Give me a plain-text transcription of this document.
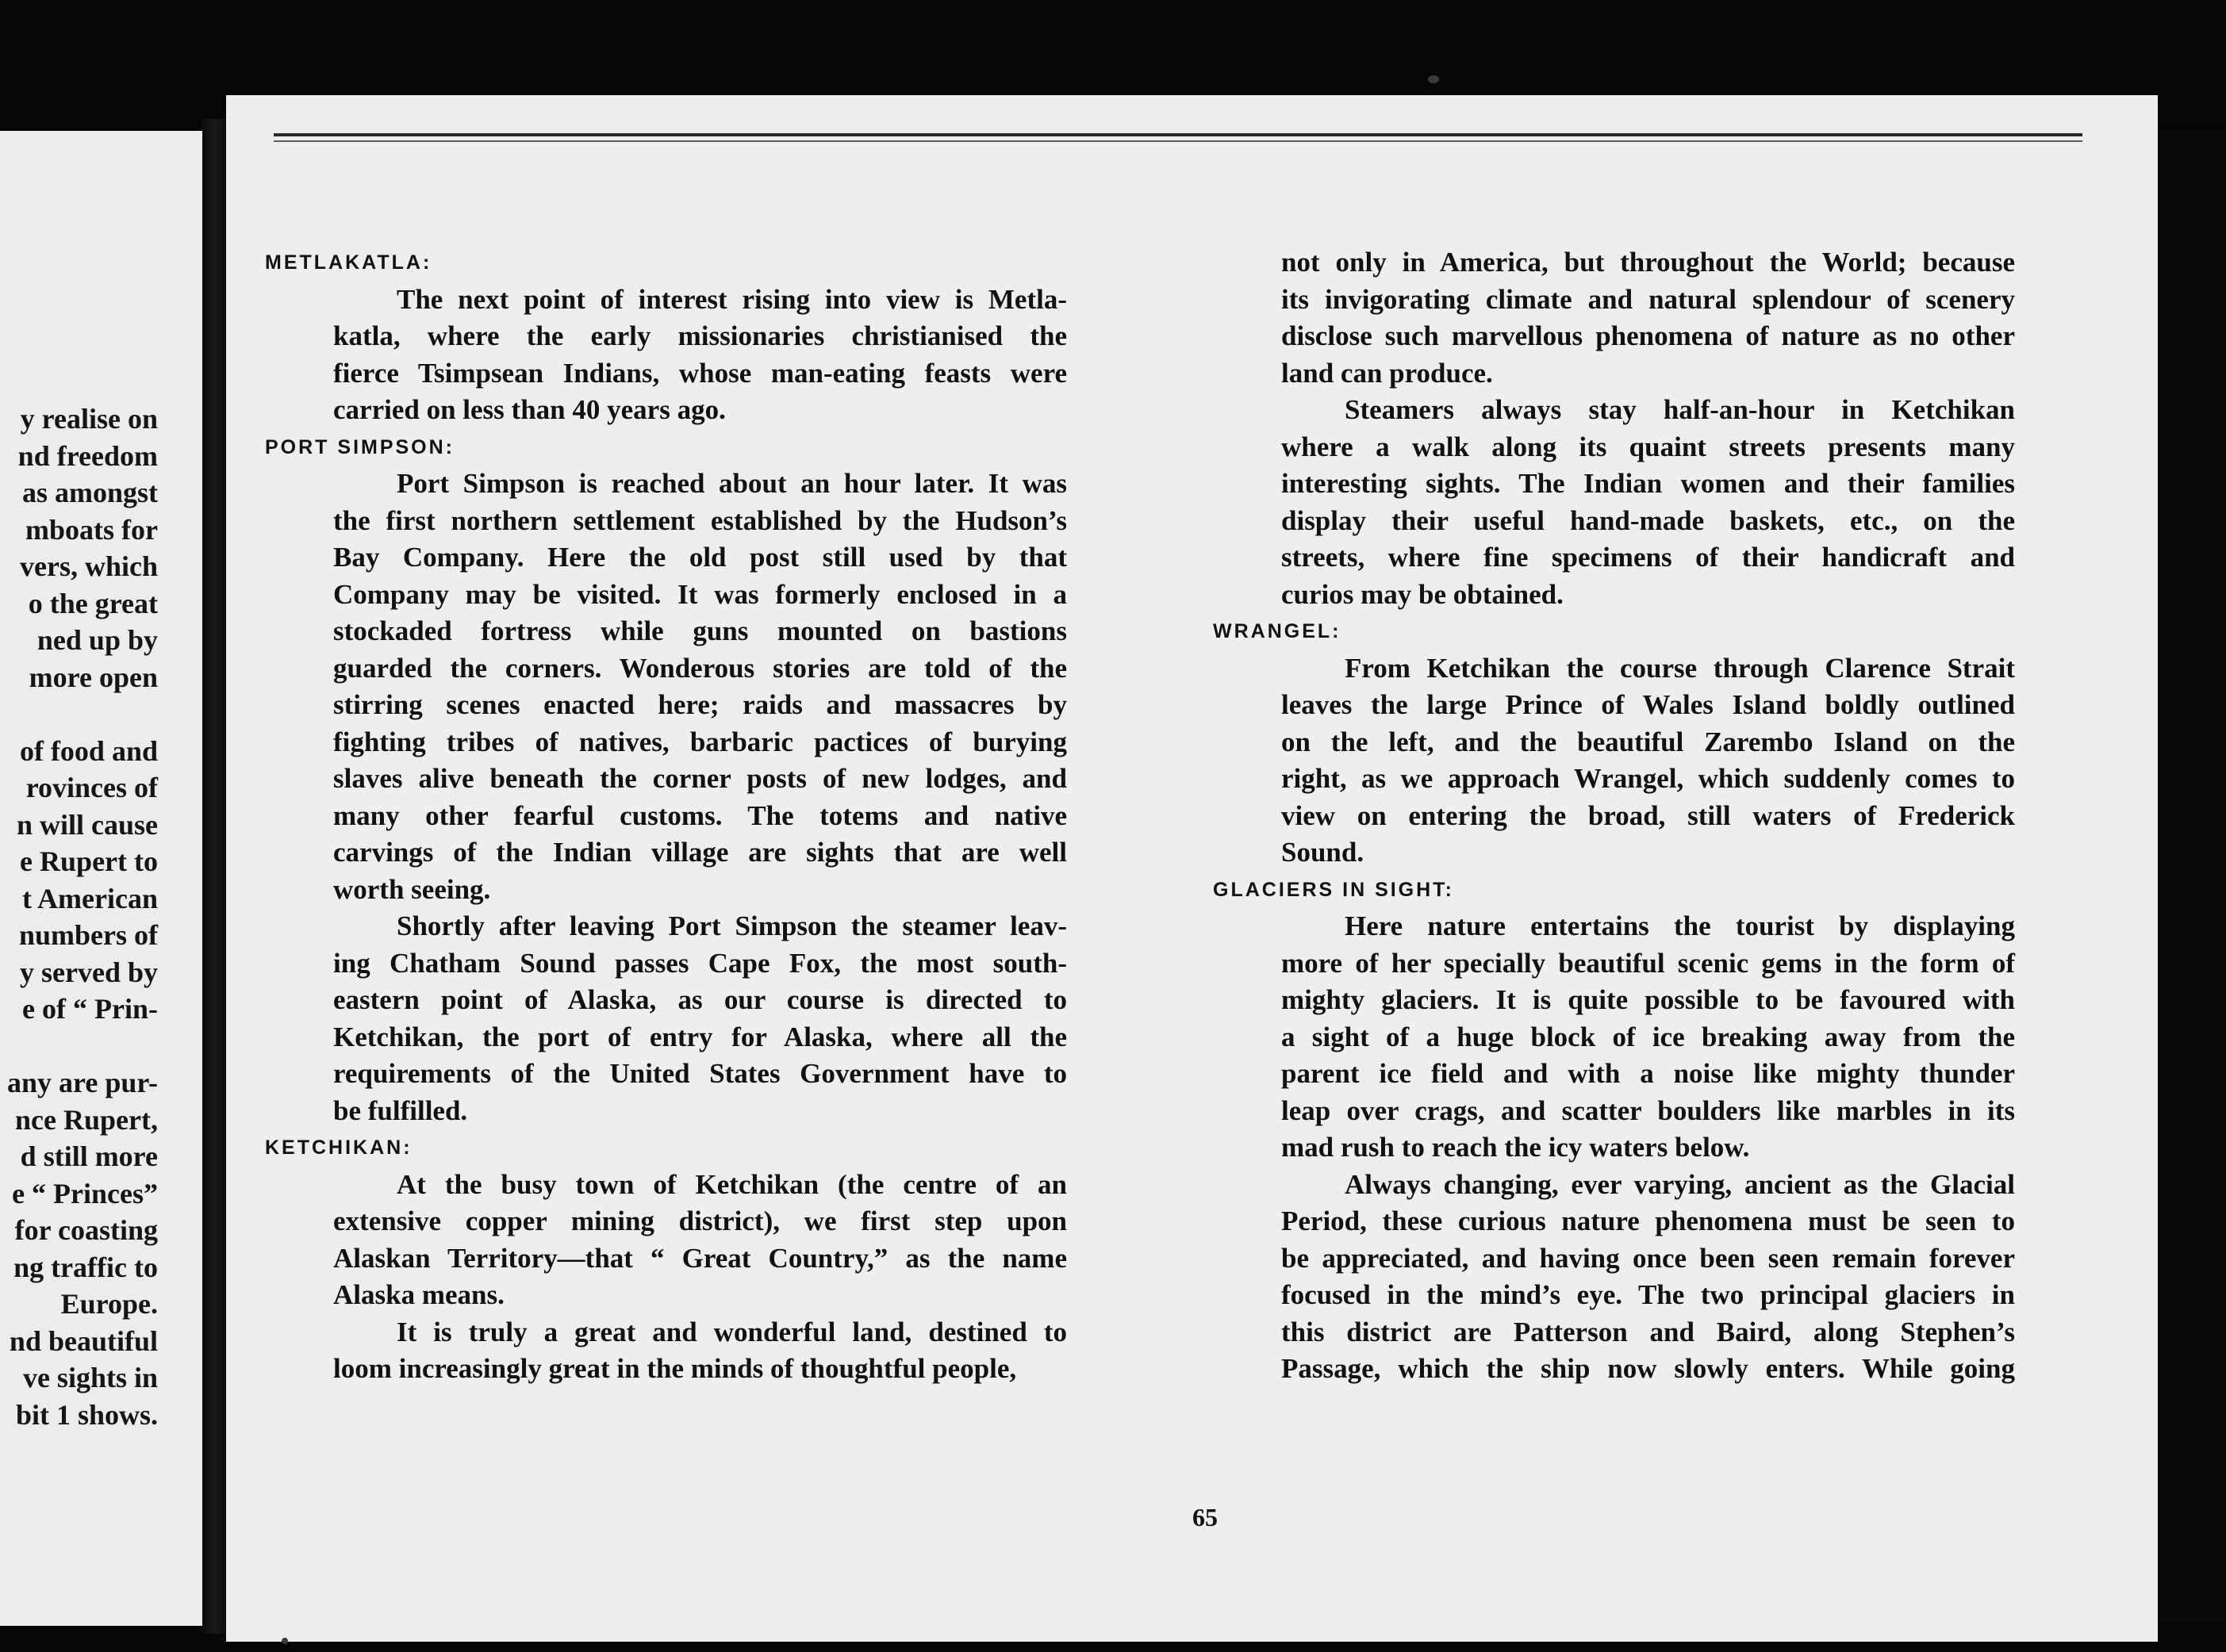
y realise on
nd freedom
as amongst
mboats for
vers, which
o the great
ned up by
more open
of food and
rovinces of
n will cause
e Rupert to
t American
numbers of
y served by
e of “ Prin-
any are pur-
nce Rupert,
d still more
e “ Princes”
for coasting
ng traffic to
Europe.
nd beautiful
ve sights in
bit 1 shows.
METLAKATLA:
The next point of interest rising into view is Metla-
katla, where the early missionaries christianised the
fierce Tsimpsean Indians, whose man-eating feasts were
carried on less than 40 years ago.
PORT SIMPSON:
Port Simpson is reached about an hour later. It was
the first northern settlement established by the Hudson’s
Bay Company. Here the old post still used by that
Company may be visited. It was formerly enclosed in a
stockaded fortress while guns mounted on bastions
guarded the corners. Wonderous stories are told of the
stirring scenes enacted here; raids and massacres by
fighting tribes of natives, barbaric pactices of burying
slaves alive beneath the corner posts of new lodges, and
many other fearful customs. The totems and native
carvings of the Indian village are sights that are well
worth seeing.
Shortly after leaving Port Simpson the steamer leav-
ing Chatham Sound passes Cape Fox, the most south-
eastern point of Alaska, as our course is directed to
Ketchikan, the port of entry for Alaska, where all the
requirements of the United States Government have to
be fulfilled.
KETCHIKAN:
At the busy town of Ketchikan (the centre of an
extensive copper mining district), we first step upon
Alaskan Territory—that “ Great Country,” as the name
Alaska means.
It is truly a great and wonderful land, destined to
loom increasingly great in the minds of thoughtful people,
not only in America, but throughout the World; because
its invigorating climate and natural splendour of scenery
disclose such marvellous phenomena of nature as no other
land can produce.
Steamers always stay half-an-hour in Ketchikan
where a walk along its quaint streets presents many
interesting sights. The Indian women and their families
display their useful hand-made baskets, etc., on the
streets, where fine specimens of their handicraft and
curios may be obtained.
WRANGEL:
From Ketchikan the course through Clarence Strait
leaves the large Prince of Wales Island boldly outlined
on the left, and the beautiful Zarembo Island on the
right, as we approach Wrangel, which suddenly comes to
view on entering the broad, still waters of Frederick
Sound.
GLACIERS IN SIGHT:
Here nature entertains the tourist by displaying
more of her specially beautiful scenic gems in the form of
mighty glaciers. It is quite possible to be favoured with
a sight of a huge block of ice breaking away from the
parent ice field and with a noise like mighty thunder
leap over crags, and scatter boulders like marbles in its
mad rush to reach the icy waters below.
Always changing, ever varying, ancient as the Glacial
Period, these curious nature phenomena must be seen to
be appreciated, and having once been seen remain forever
focused in the mind’s eye. The two principal glaciers in
this district are Patterson and Baird, along Stephen’s
Passage, which the ship now slowly enters. While going
65
